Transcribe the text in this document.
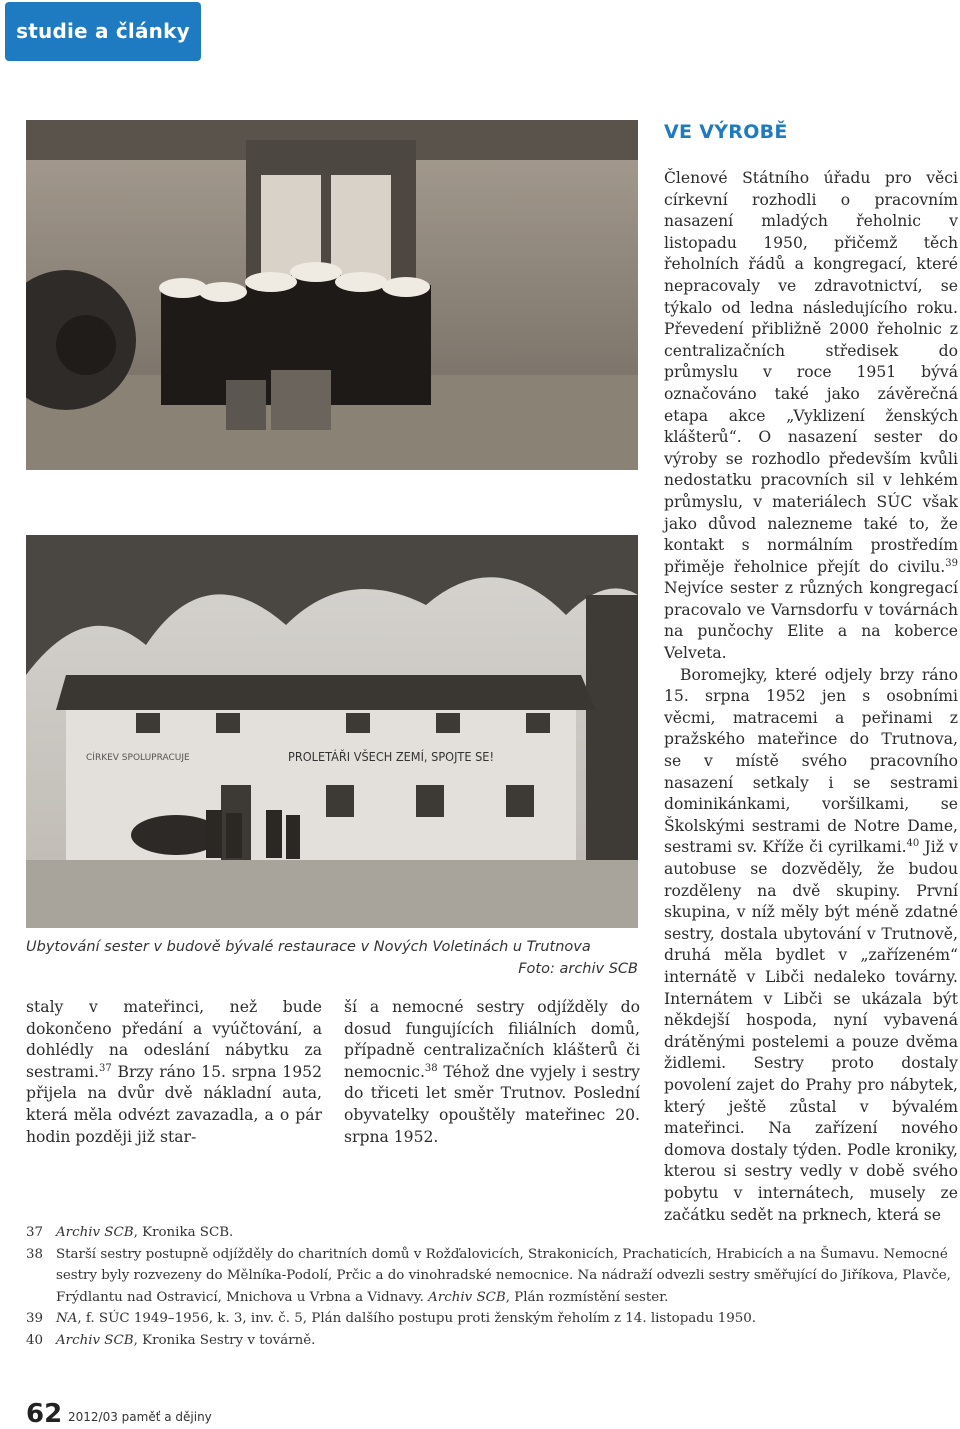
studie a články
CÍRKEV SPOLUPRACUJE	PROLETÁŘI VŠECH ZEMÍ, SPOJTE SE!
Ubytování sester v budově bývalé restaurace v Nových Voletinách u Trutnova
Foto: archiv SCB
VE VÝROBĚ

staly v mateřinci, než bude dokončeno předání a vyúčtování, a dohlédly na odeslání nábytku za sestrami.$^{37}$ Brzy ráno 15. srpna 1952 přijela na dvůr dvě nákladní auta, která měla odvézt zavazadla, a o pár hodin později již star-

ší a nemocné sestry odjížděly do dosud fungujících filiálních domů, případně centralizačních klášterů či nemocnic.$^{38}$ Téhož dne vyjely i sestry do třiceti let směr Trutnov. Poslední obyvatelky opouštěly mateřinec 20. srpna 1952.

Členové Státního úřadu pro věci církevní rozhodli o pracovním nasazení mladých řeholnic v listopadu 1950, přičemž těch řeholních řádů a kongregací, které nepracovaly ve zdravotnictví, se týkalo od ledna následujícího roku. Převedení přibližně 2000 řeholnic z centralizačních středisek do průmyslu v roce 1951 bývá označováno také jako závěrečná etapa akce „Vyklizení ženských klášterů“. O nasazení sester do výroby se rozhodlo především kvůli nedostatku pracovních sil v lehkém průmyslu, v materiálech SÚC však jako důvod nalezneme také to, že kontakt s normálním prostředím přiměje řeholnice přejít do civilu.$^{39}$ Nejvíce sester z různých kongregací pracovalo ve Varnsdorfu v továrnách na punčochy Elite a na koberce Velveta.

Boromejky, které odjely brzy ráno 15. srpna 1952 jen s osobními věcmi, matracemi a peřinami z pražského mateřince do Trutnova, se v místě svého pracovního nasazení setkaly i se sestrami dominikánkami, voršilkami, se Školskými sestrami de Notre Dame, sestrami sv. Kříže či cyrilkami.$^{40}$ Již v autobuse se dozvěděly, že budou rozděleny na dvě skupiny. První skupina, v níž měly být méně zdatné sestry, dostala ubytování v Trutnově, druhá měla bydlet v „zařízeném“ internátě v Libči nedaleko továrny. Internátem v Libči se ukázala být někdejší hospoda, nyní vybavená drátěnými postelemi a pouze dvěma židlemi. Sestry proto dostaly povolení zajet do Prahy pro nábytek, který ještě zůstal v bývalém mateřinci. Na zařízení nového domova dostaly týden. Podle kroniky, kterou si sestry vedly v době svého pobytu v internátech, musely ze začátku sedět na prknech, která se

37 Archiv SCB, Kronika SCB.
38 Starší sestry postupně odjížděly do charitních domů v Rožďalovicích, Strakonicích, Prachaticích, Hrabicích a na Šumavu. Nemocné sestry byly rozvezeny do Mělníka-Podolí, Prčic a do vinohradské nemocnice. Na nádraží odvezli sestry směřující do Jiříkova, Plavče, Frýdlantu nad Ostravicí, Mnichova u Vrbna a Vidnavy. Archiv SCB, Plán rozmístění sester.
39 NA, f. SÚC 1949–1956, k. 3, inv. č. 5, Plán dalšího postupu proti ženským řeholím z 14. listopadu 1950.
40 Archiv SCB, Kronika Sestry v továrně.
62 2012/03 paměť a dějiny
